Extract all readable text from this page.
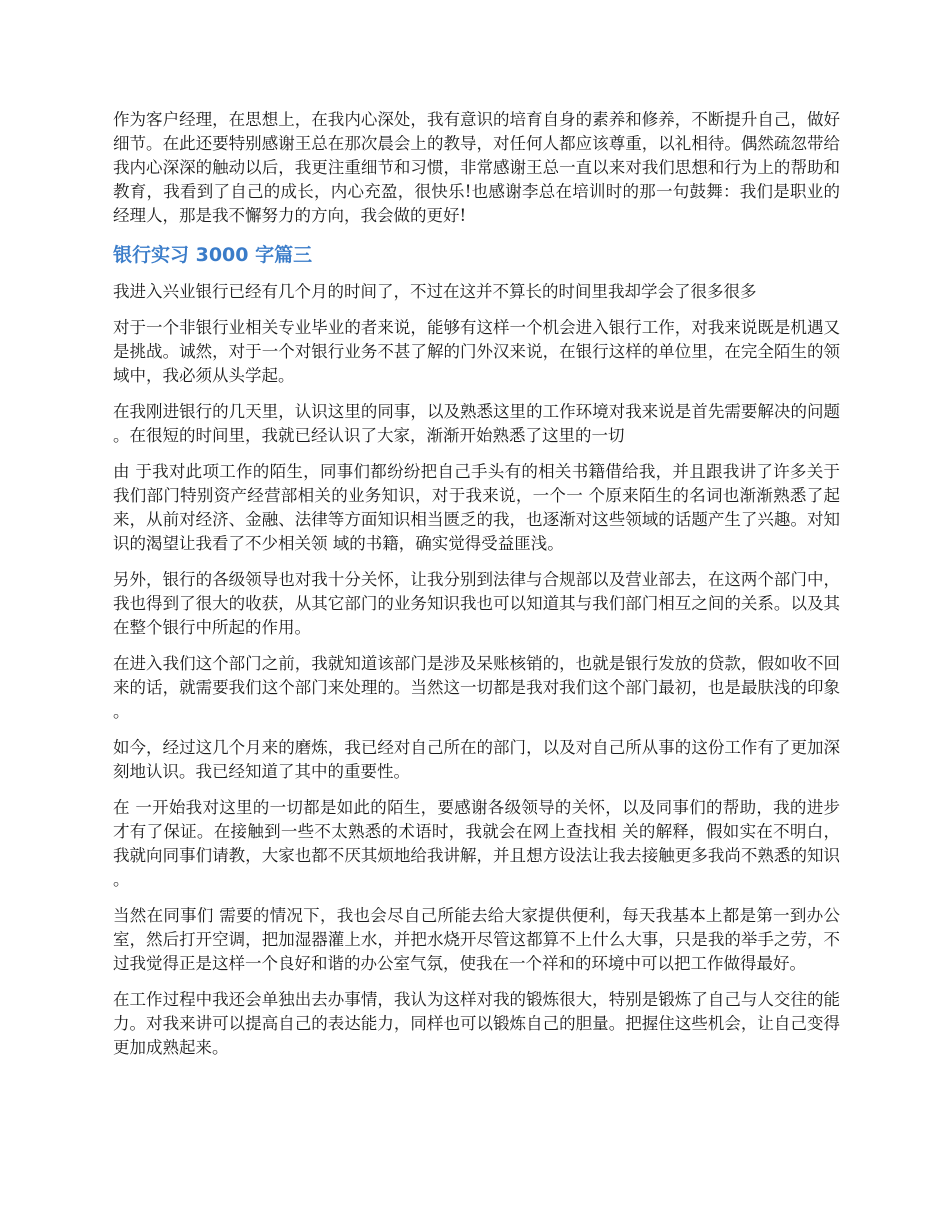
作为客户经理，在思想上，在我内心深处，我有意识的培育自身的素养和修养，不断提升自己，做好细节。在此还要特别感谢王总在那次晨会上的教导，对任何人都应该尊重，以礼相待。偶然疏忽带给我内心深深的触动以后，我更注重细节和习惯，非常感谢王总一直以来对我们思想和行为上的帮助和教育，我看到了自己的成长，内心充盈，很快乐!也感谢李总在培训时的那一句鼓舞：我们是职业的经理人，那是我不懈努力的方向，我会做的更好!

银行实习 3000 字篇三

我进入兴业银行已经有几个月的时间了，不过在这并不算长的时间里我却学会了很多很多

对于一个非银行业相关专业毕业的者来说，能够有这样一个机会进入银行工作，对我来说既是机遇又是挑战。诚然，对于一个对银行业务不甚了解的门外汉来说，在银行这样的单位里，在完全陌生的领域中，我必须从头学起。

在我刚进银行的几天里，认识这里的同事，以及熟悉这里的工作环境对我来说是首先需要解决的问题。在很短的时间里，我就已经认识了大家，渐渐开始熟悉了这里的一切

由 于我对此项工作的陌生，同事们都纷纷把自己手头有的相关书籍借给我，并且跟我讲了许多关于我们部门特别资产经营部相关的业务知识，对于我来说，一个一 个原来陌生的名词也渐渐熟悉了起来，从前对经济、金融、法律等方面知识相当匮乏的我，也逐渐对这些领域的话题产生了兴趣。对知识的渴望让我看了不少相关领 域的书籍，确实觉得受益匪浅。

另外，银行的各级领导也对我十分关怀，让我分别到法律与合规部以及营业部去，在这两个部门中，我也得到了很大的收获，从其它部门的业务知识我也可以知道其与我们部门相互之间的关系。以及其在整个银行中所起的作用。

在进入我们这个部门之前，我就知道该部门是涉及呆账核销的，也就是银行发放的贷款，假如收不回来的话，就需要我们这个部门来处理的。当然这一切都是我对我们这个部门最初，也是最肤浅的印象。

如今，经过这几个月来的磨炼，我已经对自己所在的部门，以及对自己所从事的这份工作有了更加深刻地认识。我已经知道了其中的重要性。

在 一开始我对这里的一切都是如此的陌生，要感谢各级领导的关怀，以及同事们的帮助，我的进步才有了保证。在接触到一些不太熟悉的术语时，我就会在网上查找相 关的解释，假如实在不明白，我就向同事们请教，大家也都不厌其烦地给我讲解，并且想方设法让我去接触更多我尚不熟悉的知识。

当然在同事们 需要的情况下，我也会尽自己所能去给大家提供便利，每天我基本上都是第一到办公室，然后打开空调，把加湿器灌上水，并把水烧开尽管这都算不上什么大事，只是我的举手之劳，不过我觉得正是这样一个良好和谐的办公室气氛，使我在一个祥和的环境中可以把工作做得最好。

在工作过程中我还会单独出去办事情，我认为这样对我的锻炼很大，特别是锻炼了自己与人交往的能力。对我来讲可以提高自己的表达能力，同样也可以锻炼自己的胆量。把握住这些机会，让自己变得更加成熟起来。
